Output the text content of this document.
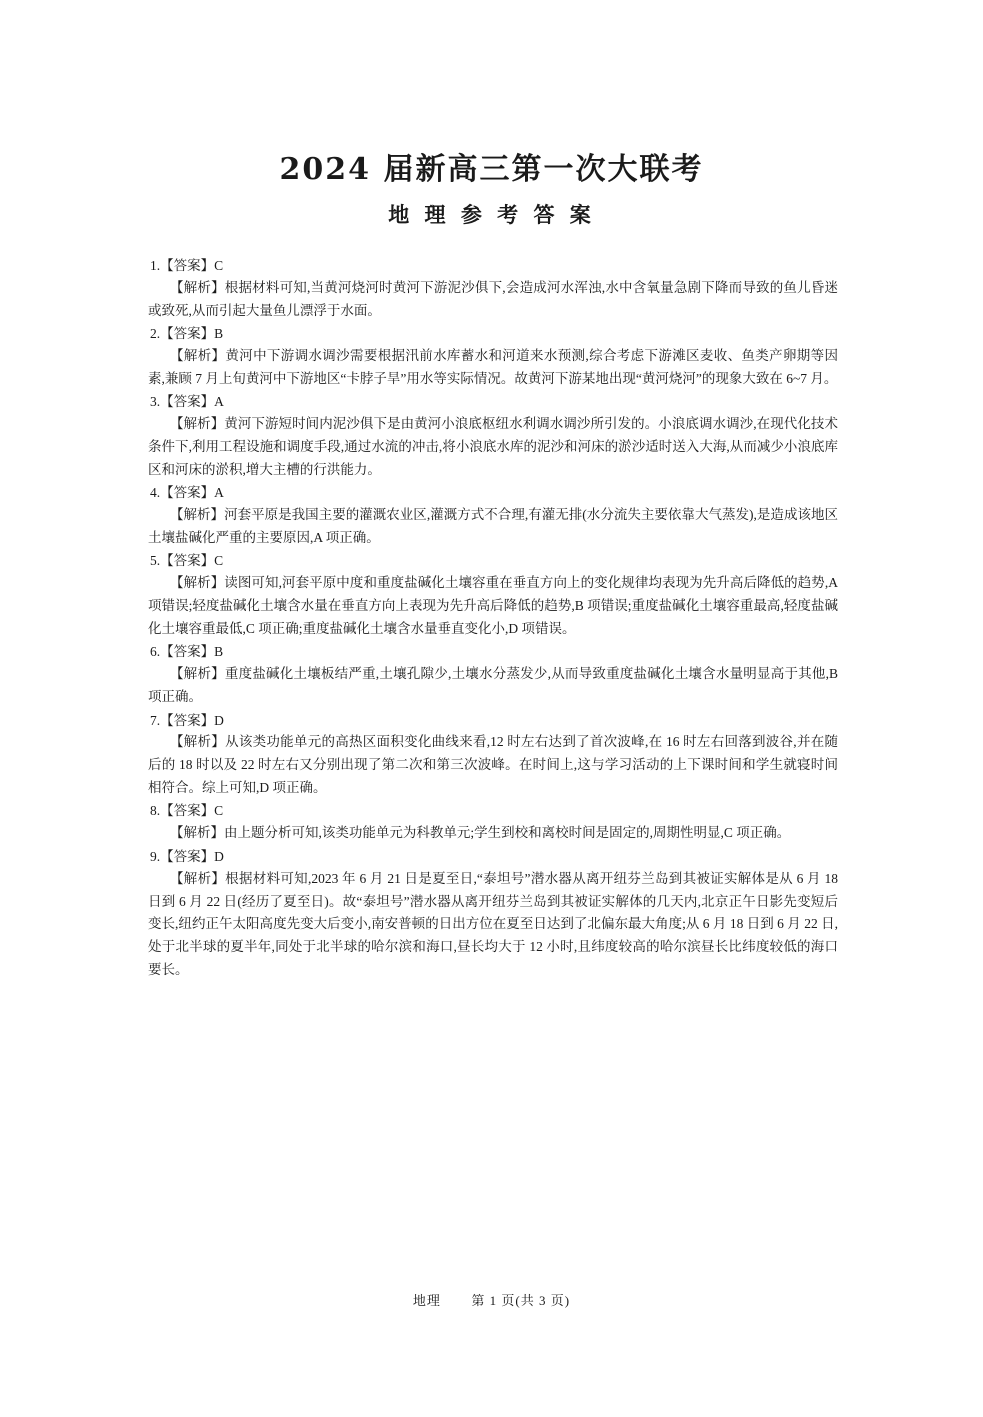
2024 届新高三第一次大联考
地 理 参 考 答 案
1.【答案】C
【解析】根据材料可知,当黄河烧河时黄河下游泥沙俱下,会造成河水浑浊,水中含氧量急剧下降而导致的鱼儿昏迷或致死,从而引起大量鱼儿漂浮于水面。
2.【答案】B
【解析】黄河中下游调水调沙需要根据汛前水库蓄水和河道来水预测,综合考虑下游滩区麦收、鱼类产卵期等因素,兼顾 7 月上旬黄河中下游地区“卡脖子旱”用水等实际情况。故黄河下游某地出现“黄河烧河”的现象大致在 6~7 月。
3.【答案】A
【解析】黄河下游短时间内泥沙俱下是由黄河小浪底枢纽水利调水调沙所引发的。小浪底调水调沙,在现代化技术条件下,利用工程设施和调度手段,通过水流的冲击,将小浪底水库的泥沙和河床的淤沙适时送入大海,从而减少小浪底库区和河床的淤积,增大主槽的行洪能力。
4.【答案】A
【解析】河套平原是我国主要的灌溉农业区,灌溉方式不合理,有灌无排(水分流失主要依靠大气蒸发),是造成该地区土壤盐碱化严重的主要原因,A 项正确。
5.【答案】C
【解析】读图可知,河套平原中度和重度盐碱化土壤容重在垂直方向上的变化规律均表现为先升高后降低的趋势,A 项错误;轻度盐碱化土壤含水量在垂直方向上表现为先升高后降低的趋势,B 项错误;重度盐碱化土壤容重最高,轻度盐碱化土壤容重最低,C 项正确;重度盐碱化土壤含水量垂直变化小,D 项错误。
6.【答案】B
【解析】重度盐碱化土壤板结严重,土壤孔隙少,土壤水分蒸发少,从而导致重度盐碱化土壤含水量明显高于其他,B 项正确。
7.【答案】D
【解析】从该类功能单元的高热区面积变化曲线来看,12 时左右达到了首次波峰,在 16 时左右回落到波谷,并在随后的 18 时以及 22 时左右又分别出现了第二次和第三次波峰。在时间上,这与学习活动的上下课时间和学生就寝时间相符合。综上可知,D 项正确。
8.【答案】C
【解析】由上题分析可知,该类功能单元为科教单元;学生到校和离校时间是固定的,周期性明显,C 项正确。
9.【答案】D
【解析】根据材料可知,2023 年 6 月 21 日是夏至日,“泰坦号”潜水器从离开纽芬兰岛到其被证实解体是从 6 月 18 日到 6 月 22 日(经历了夏至日)。故“泰坦号”潜水器从离开纽芬兰岛到其被证实解体的几天内,北京正午日影先变短后变长,纽约正午太阳高度先变大后变小,南安普顿的日出方位在夏至日达到了北偏东最大角度;从 6 月 18 日到 6 月 22 日,处于北半球的夏半年,同处于北半球的哈尔滨和海口,昼长均大于 12 小时,且纬度较高的哈尔滨昼长比纬度较低的海口要长。
地理 第 1 页(共 3 页)
